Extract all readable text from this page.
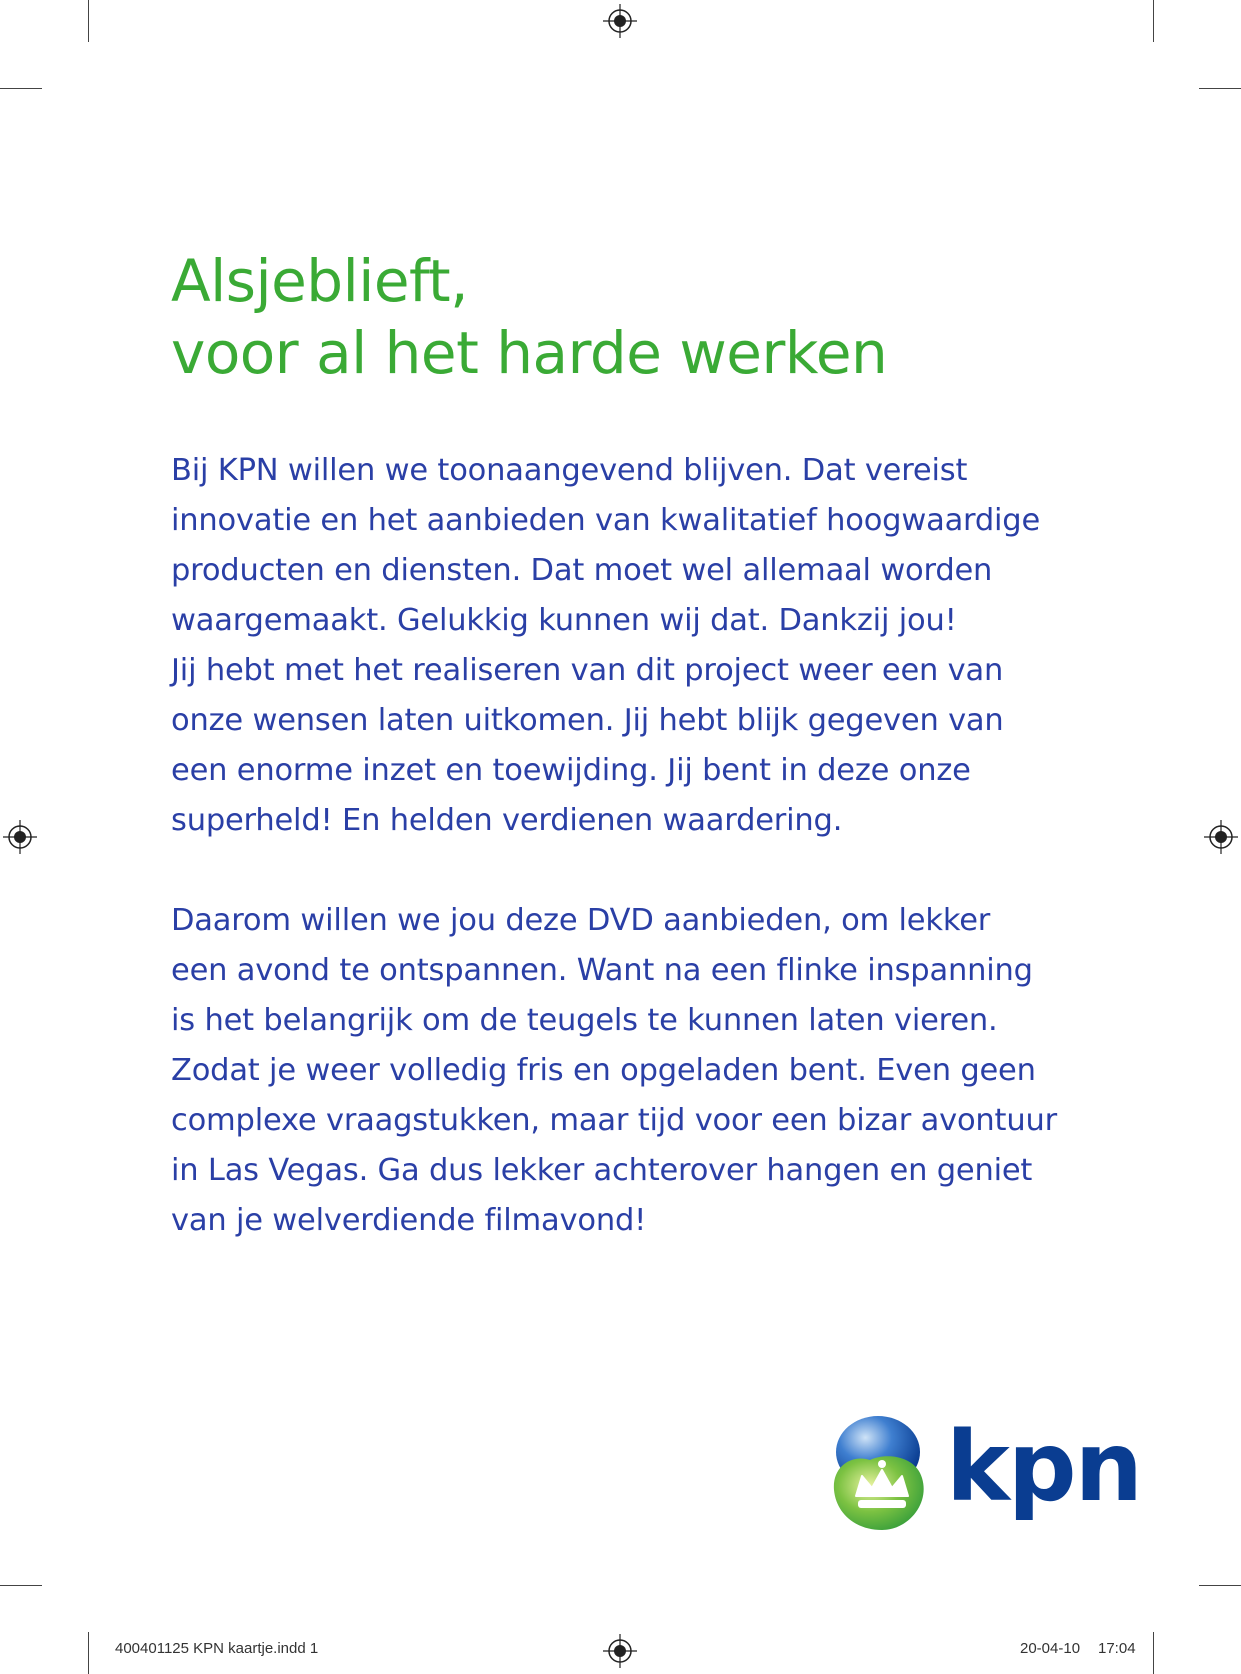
Alsjeblieft,
voor al het harde werken

Bij KPN willen we toonaangevend blijven. Dat vereist
innovatie en het aanbieden van kwalitatief hoogwaardige
producten en diensten. Dat moet wel allemaal worden
waargemaakt. Gelukkig kunnen wij dat. Dankzij jou!
Jij hebt met het realiseren van dit project weer een van
onze wensen laten uitkomen. Jij hebt blijk gegeven van
een enorme inzet en toewijding. Jij bent in deze onze
superheld! En helden verdienen waardering.

Daarom willen we jou deze DVD aanbieden, om lekker
een avond te ontspannen. Want na een flinke inspanning
is het belangrijk om de teugels te kunnen laten vieren.
Zodat je weer volledig fris en opgeladen bent. Even geen
complexe vraagstukken, maar tijd voor een bizar avontuur
in Las Vegas. Ga dus lekker achterover hangen en geniet
van je welverdiende filmavond!

kpn
400401125 KPN kaartje.indd 1	20-04-10 17:04
